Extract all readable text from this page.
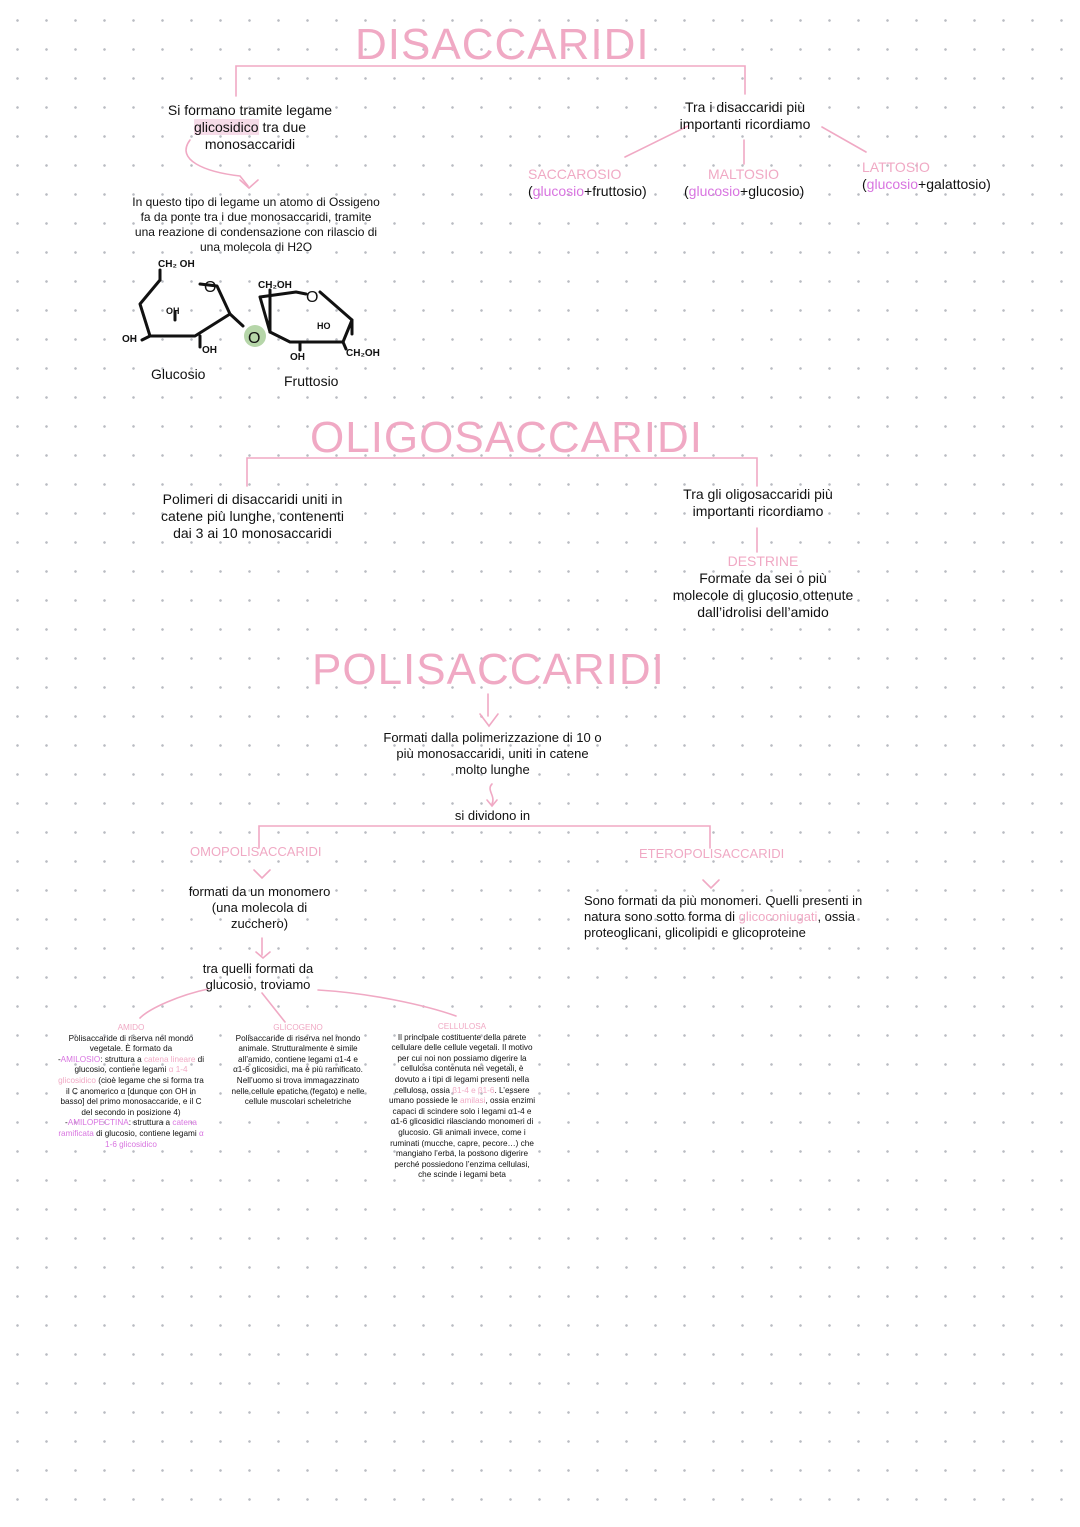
DISACCARIDI
Si formano tramite legame
glicosidico tra due
monosaccaridi
In questo tipo di legame un atomo di Ossigeno
fa da ponte tra i due monosaccaridi, tramite
una reazione di condensazione con rilascio di
una molecola di H2O
CH₂ OH
CH₂OH
OH
OH
OH
HO
OH	CH₂OH
O
O
O
Glucosio	Fruttosio
Tra i disaccaridi più
importanti ricordiamo
SACCAROSIO
(glucosio+fruttosio)
MALTOSIO
(glucosio+glucosio)
LATTOSIO
(glucosio+galattosio)
OLIGOSACCARIDI
Polimeri di disaccaridi uniti in
catene più lunghe, contenenti
dai 3 ai 10 monosaccaridi
Tra gli oligosaccaridi più
importanti ricordiamo
DESTRINE
Formate da sei o più
molecole di glucosio ottenute
dall’idrolisi dell’amido
POLISACCARIDI
Formati dalla polimerizzazione di 10 o
più monosaccaridi, uniti in catene
molto lunghe
si dividono in
OMOPOLISACCARIDI	ETEROPOLISACCARIDI
formati da un monomero
(una molecola di
zucchero)
tra quelli formati da
glucosio, troviamo
Sono formati da più monomeri. Quelli presenti in
natura sono sotto forma di glicoconiugati, ossia
proteoglicani, glicolipidi e glicoproteine
AMIDO
Polisaccaride di riserva nel mondo
vegetale. È formato da
-AMILOSIO: struttura a catena lineare di
glucosio, contiene legami α 1-4
glicosidico (cioè legame che si forma tra
il C anomerico α [dunque con OH in
basso] del primo monosaccaride, e il C
del secondo in posizione 4)
-AMILOPECTINA: struttura a catena
ramificata di glucosio, contiene legami α
1-6 glicosidico
GLICOGENO
Polisaccaride di riserva nel mondo
animale. Strutturalmente è simile
all’amido, contiene legami α1-4 e
α1-6 glicosidici, ma è più ramificato.
Nell’uomo si trova immagazzinato
nelle cellule epatiche (fegato) e nelle
cellule muscolari scheletriche
CELLULOSA
Il principale costituente della parete
cellulare delle cellule vegetali. Il motivo
per cui noi non possiamo digerire la
cellulosa contenuta nei vegetali, è
dovuto a i tipi di legami presenti nella
cellulosa, ossia β1-4 e β1-6. L’essere
umano possiede le amilasi, ossia enzimi
capaci di scindere solo i legami α1-4 e
α1-6 glicosidici rilasciando monomeri di
glucosio. Gli animali invece, come i
ruminati (mucche, capre, pecore…) che
mangiano l’erba, la possono digerire
perché possiedono l’enzima cellulasi,
che scinde i legami beta
